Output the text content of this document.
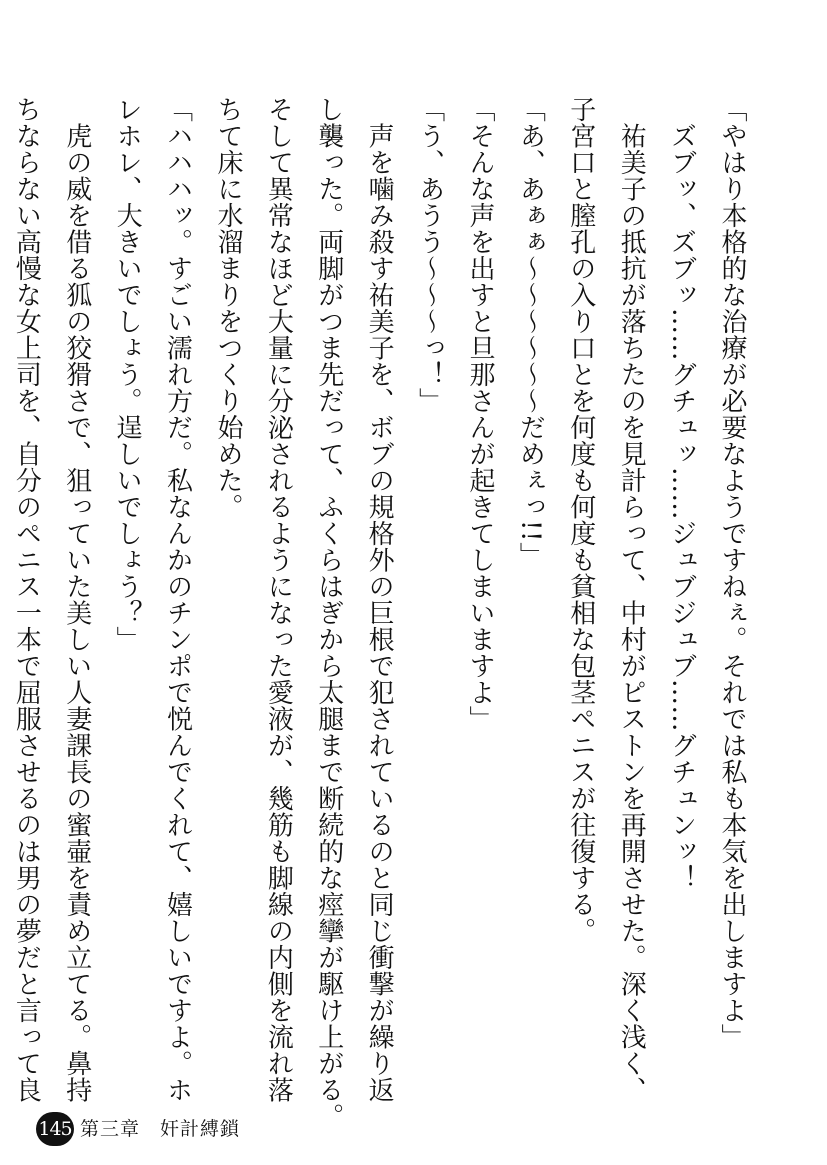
「やはり本格的な治療が必要なようですねぇ。それでは私も本気を出しますよ」
　ズブッ、ズブッ……グチュッ……ジュブジュブ……グチュンッ！
　祐美子の抵抗が落ちたのを見計らって、中村がピストンを再開させた。深く浅く、
子宮口と膣孔の入り口とを何度も何度も貧相な包茎ペニスが往復する。
「あ、あぁぁ～～～～～～だめぇっ!!」
「そんな声を出すと旦那さんが起きてしまいますよ」
「う、あうう～～～っ！」
　声を噛み殺す祐美子を、ボブの規格外の巨根で犯されているのと同じ衝撃が繰り返
し襲った。両脚がつま先だって、ふくらはぎから太腿まで断続的な痙攣が駆け上がる。
そして異常なほど大量に分泌されるようになった愛液が、幾筋も脚線の内側を流れ落
ちて床に水溜まりをつくり始めた。
「ハハハッ。すごい濡れ方だ。私なんかのチンポで悦んでくれて、嬉しいですよ。ホ
レホレ、大きいでしょう。逞しいでしょう？」
　虎の威を借る狐の狡猾さで、狙っていた美しい人妻課長の蜜壷を責め立てる。鼻持
ちならない高慢な女上司を、自分のペニス一本で屈服させるのは男の夢だと言って良
145 第三章　奸計縛鎖
